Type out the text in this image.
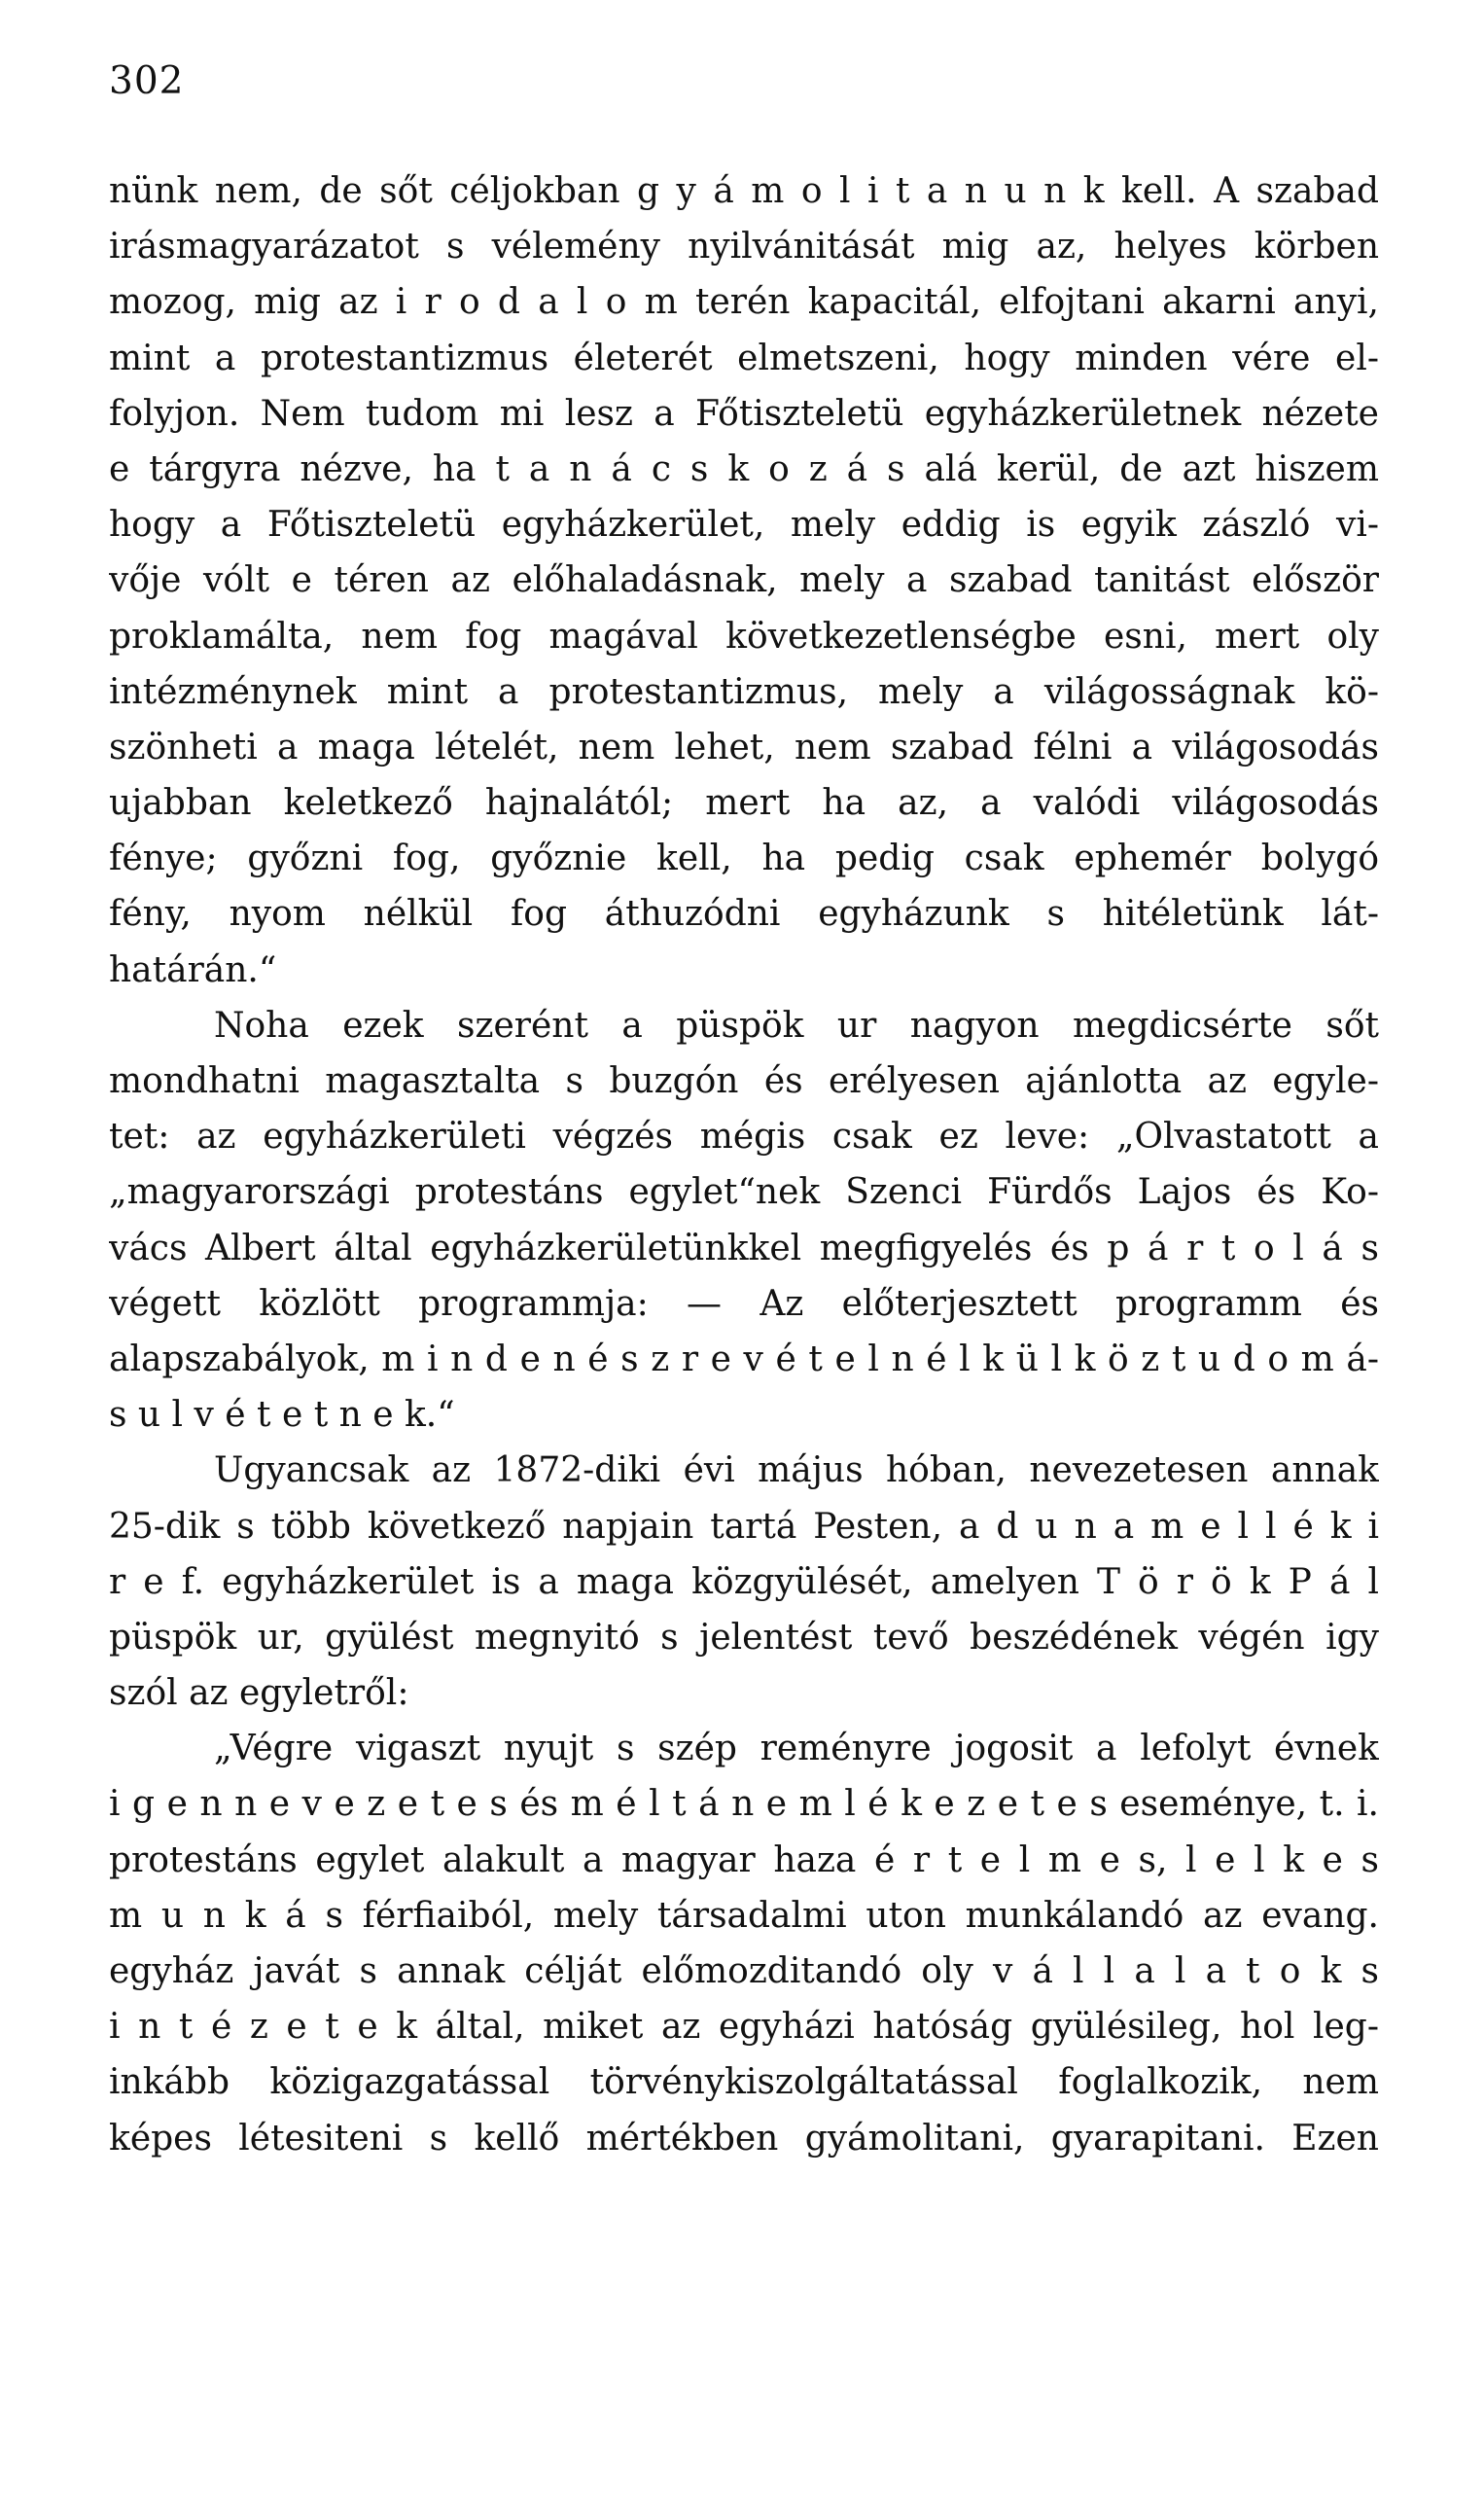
302
nünk nem, de sőt céljokban g y á m o l i t a n u n k kell. A szabad
irásmagyarázatot s vélemény nyilvánitását mig az, helyes körben
mozog, mig az i r o d a l o m terén kapacitál, elfojtani akarni anyi,
mint a protestantizmus életerét elmetszeni, hogy minden vére el-
folyjon. Nem tudom mi lesz a Főtiszteletü egyházkerületnek nézete
e tárgyra nézve, ha t a n á c s k o z á s alá kerül, de azt hiszem
hogy a Főtiszteletü egyházkerület, mely eddig is egyik zászló vi-
vője vólt e téren az előhaladásnak, mely a szabad tanitást először
proklamálta, nem fog magával következetlenségbe esni, mert oly
intézménynek mint a protestantizmus, mely a világosságnak kö-
szönheti a maga lételét, nem lehet, nem szabad félni a világosodás
ujabban keletkező hajnalától; mert ha az, a valódi világosodás
fénye; győzni fog, győznie kell, ha pedig csak ephemér bolygó
fény, nyom nélkül fog áthuzódni egyházunk s hitéletünk lát-
határán.“
Noha ezek szerént a püspök ur nagyon megdicsérte sőt
mondhatni magasztalta s buzgón és erélyesen ajánlotta az egyle-
tet: az egyházkerületi végzés mégis csak ez leve: „Olvastatott a
„magyarországi protestáns egylet“nek Szenci Fürdős Lajos és Ko-
vács Albert által egyházkerületünkkel megfigyelés és p á r t o l á s
végett közlött programmja: — Az előterjesztett programm és
alapszabályok, m i n d e n é s z r e v é t e l n é l k ü l k ö z t u d o m á-
s u l v é t e t n e k.“
Ugyancsak az 1872-diki évi május hóban, nevezetesen annak
25-dik s több következő napjain tartá Pesten, a d u n a m e l l é k i
r e f. egyházkerület is a maga közgyülését, amelyen T ö r ö k P á l
püspök ur, gyülést megnyitó s jelentést tevő beszédének végén igy
szól az egyletről:
„Végre vigaszt nyujt s szép reményre jogosit a lefolyt évnek
i g e n n e v e z e t e s és m é l t á n e m l é k e z e t e s eseménye, t. i.
protestáns egylet alakult a magyar haza é r t e l m e s, l e l k e s
m u n k á s férfiaiból, mely társadalmi uton munkálandó az evang.
egyház javát s annak célját előmozditandó oly v á l l a l a t o k s
i n t é z e t e k által, miket az egyházi hatóság gyülésileg, hol leg-
inkább közigazgatással törvénykiszolgáltatással foglalkozik, nem
képes létesiteni s kellő mértékben gyámolitani, gyarapitani. Ezen
